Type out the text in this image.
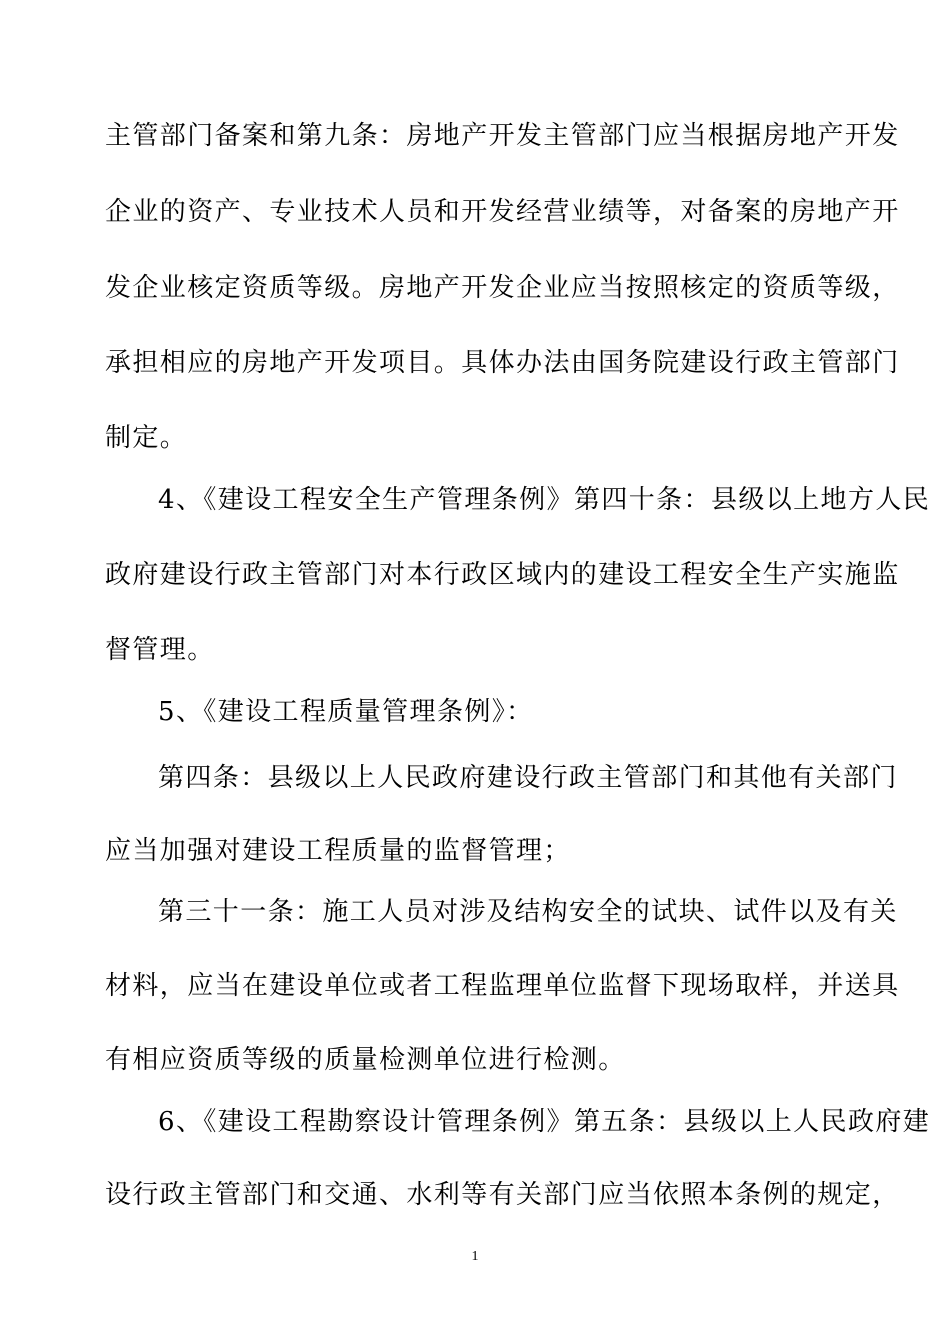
主管部门备案和第九条：房地产开发主管部门应当根据房地产开发
企业的资产、专业技术人员和开发经营业绩等，对备案的房地产开
发企业核定资质等级。房地产开发企业应当按照核定的资质等级，
承担相应的房地产开发项目。具体办法由国务院建设行政主管部门
制定。
4、《建设工程安全生产管理条例》第四十条：县级以上地方人民
政府建设行政主管部门对本行政区域内的建设工程安全生产实施监
督管理。
5、《建设工程质量管理条例》：
第四条：县级以上人民政府建设行政主管部门和其他有关部门
应当加强对建设工程质量的监督管理；
第三十一条：施工人员对涉及结构安全的试块、试件以及有关
材料，应当在建设单位或者工程监理单位监督下现场取样，并送具
有相应资质等级的质量检测单位进行检测。
6、《建设工程勘察设计管理条例》第五条：县级以上人民政府建
设行政主管部门和交通、水利等有关部门应当依照本条例的规定，
1
